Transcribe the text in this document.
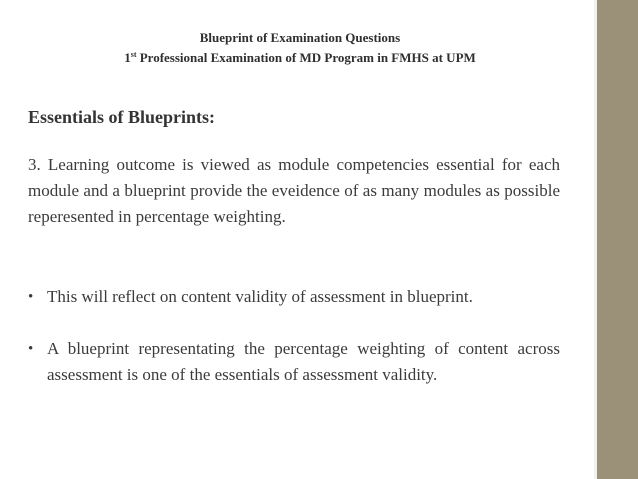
Blueprint of Examination Questions
1st Professional Examination of MD Program in FMHS at UPM
Essentials of Blueprints:
3. Learning outcome is viewed as module competencies essential for each module and a blueprint provide the eveidence of as many modules as possible reperesented in percentage weighting.
• This will reflect on content validity of assessment in blueprint.
• A blueprint representating the percentage weighting of content across assessment is one of the essentials of assessment validity.
